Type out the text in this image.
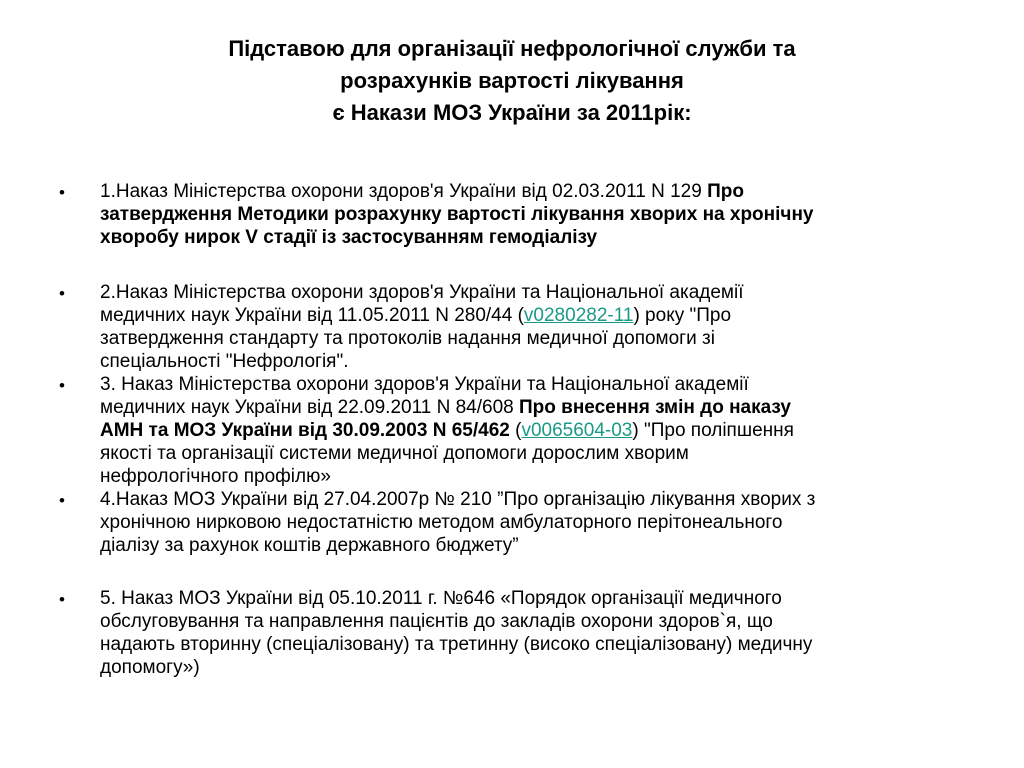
Підставою для організації нефрологічної служби та
розрахунків вартості лікування
є Накази МОЗ України за 2011рік:
• 1.Наказ Міністерства охорони здоров'я України від 02.03.2011 N 129 Про
затвердження Методики розрахунку вартості лікування хворих на хронічну
хворобу нирок V стадії із застосуванням гемодіалізу
• 2.Наказ Міністерства охорони здоров'я України та Національної академії
медичних наук України від 11.05.2011 N 280/44 (v0280282-11) року "Про
затвердження стандарту та протоколів надання медичної допомоги зі
спеціальності "Нефрологія".
• 3. Наказ Міністерства охорони здоров'я України та Національної академії
медичних наук України від 22.09.2011 N 84/608 Про внесення змін до наказу
АМН та МОЗ України від 30.09.2003 N 65/462 (v0065604-03) "Про поліпшення
якості та організації системи медичної допомоги дорослим хворим
нефрологічного профілю»
• 4.Наказ МОЗ України від 27.04.2007р № 210 ”Про організацію лікування хворих з
хронічною нирковою недостатністю методом амбулаторного перітонеального
діалізу за рахунок коштів державного бюджету”
• 5. Наказ МОЗ України від 05.10.2011 г. №646 «Порядок організації медичного
обслуговування та направлення пацієнтів до закладів охорони здоров`я, що
надають вторинну (спеціалізовану) та третинну (високо спеціалізовану) медичну
допомогу»)
